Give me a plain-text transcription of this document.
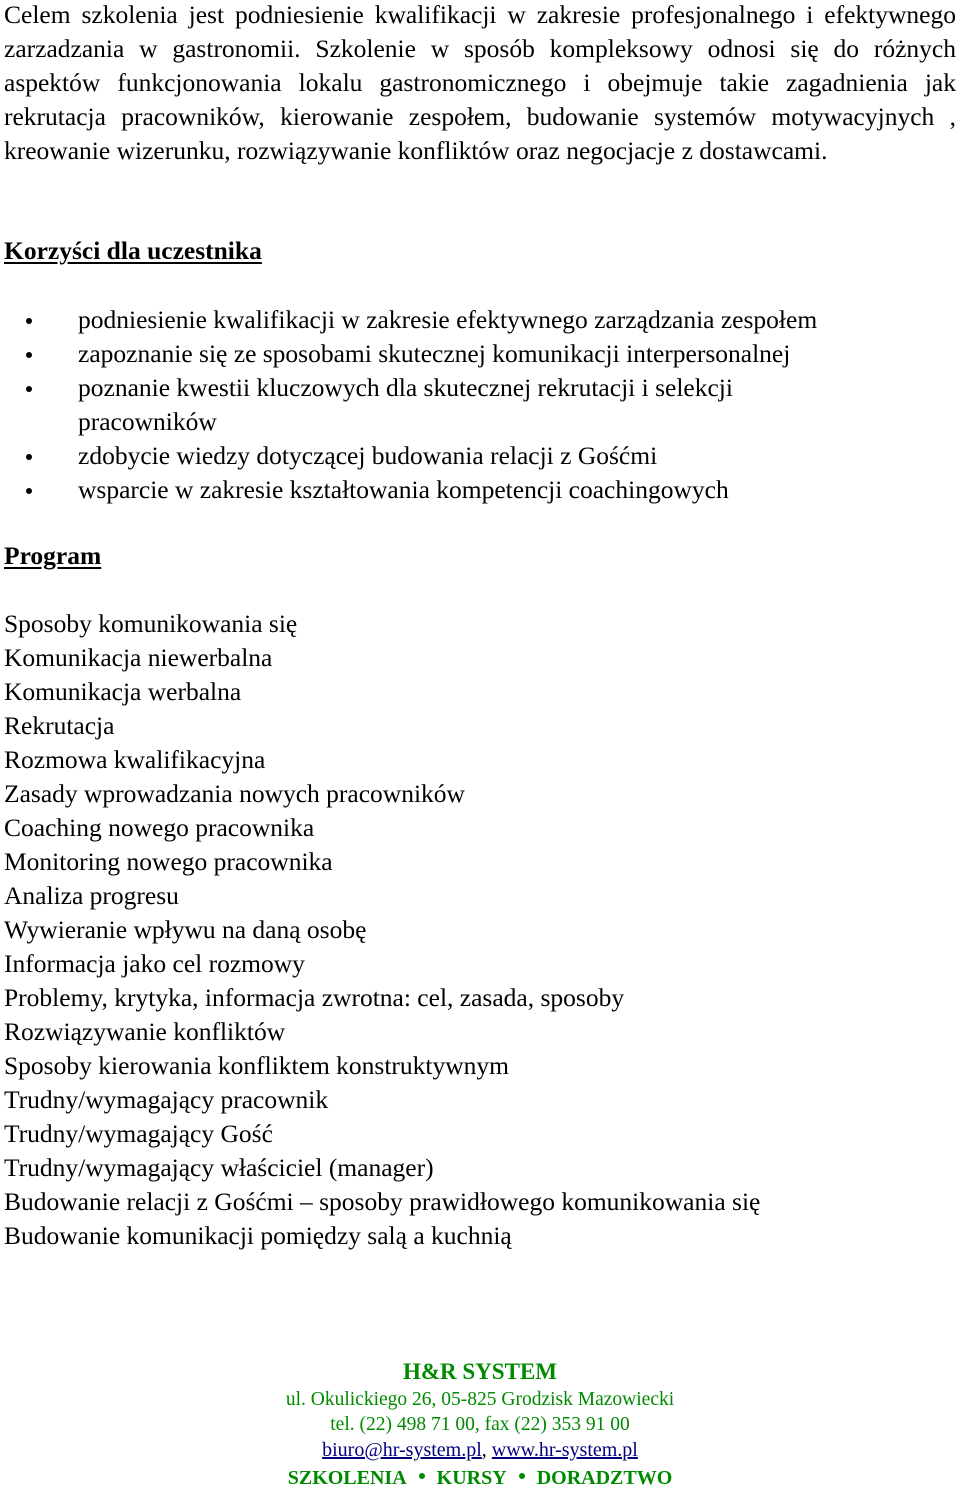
Celem szkolenia jest podniesienie kwalifikacji w zakresie profesjonalnego i efektywnego zarzadzania w gastronomii. Szkolenie w sposób kompleksowy odnosi się do różnych aspektów funkcjonowania lokalu gastronomicznego i obejmuje takie zagadnienia jak rekrutacja pracowników, kierowanie zespołem, budowanie systemów motywacyjnych , kreowanie wizerunku, rozwiązywanie konfliktów oraz negocjacje z dostawcami.

Korzyści dla uczestnika
podniesienie kwalifikacji w zakresie efektywnego zarządzania zespołem
zapoznanie się ze sposobami skutecznej komunikacji interpersonalnej
poznanie kwestii kluczowych dla skutecznej rekrutacji i selekcji pracowników
zdobycie wiedzy dotyczącej budowania relacji z Gośćmi
wsparcie w zakresie kształtowania kompetencji coachingowych
Program
Sposoby komunikowania się
Komunikacja niewerbalna
Komunikacja werbalna
Rekrutacja
Rozmowa kwalifikacyjna
Zasady wprowadzania nowych pracowników
Coaching nowego pracownika
Monitoring nowego pracownika
Analiza progresu
Wywieranie wpływu na daną osobę
Informacja jako cel rozmowy
Problemy, krytyka, informacja zwrotna: cel, zasada, sposoby
Rozwiązywanie konfliktów
Sposoby kierowania konfliktem konstruktywnym
Trudny/wymagający pracownik
Trudny/wymagający Gość
Trudny/wymagający właściciel (manager)
Budowanie relacji z Gośćmi – sposoby prawidłowego komunikowania się
Budowanie komunikacji pomiędzy salą a kuchnią
H&R SYSTEM
ul. Okulickiego 26, 05-825 Grodzisk Mazowiecki
tel. (22) 498 71 00, fax (22) 353 91 00
biuro@hr-system.pl, www.hr-system.pl
SZKOLENIA KURSY DORADZTWO
